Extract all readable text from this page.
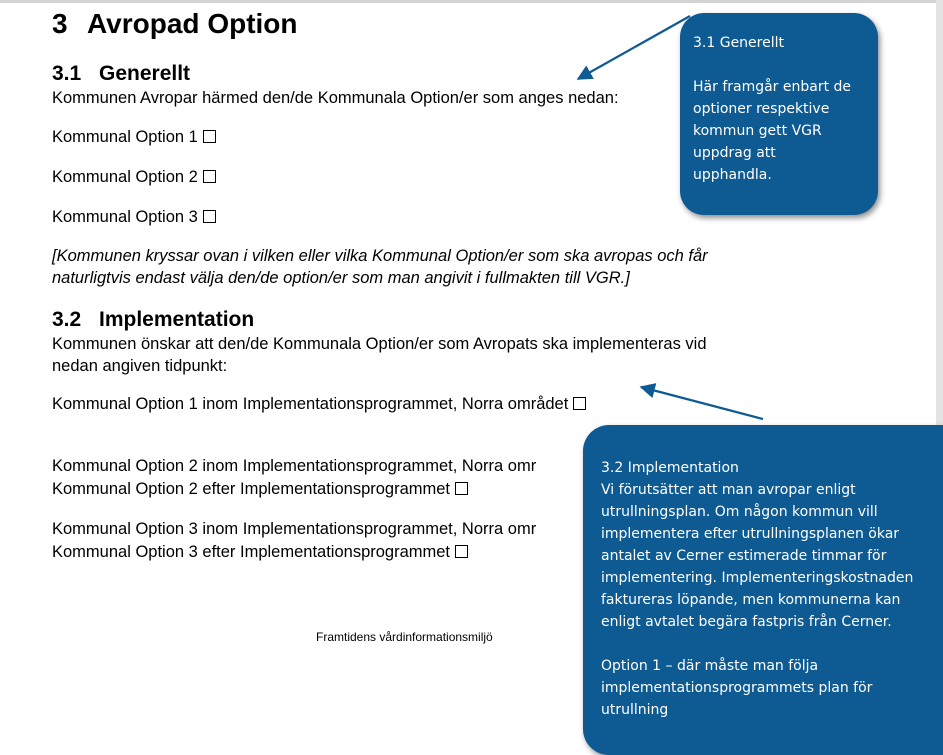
3 Avropad Option
3.1 Generellt
Kommunen Avropar härmed den/de Kommunala Option/er som anges nedan:
Kommunal Option 1
Kommunal Option 2
Kommunal Option 3
[Kommunen kryssar ovan i vilken eller vilka Kommunal Option/er som ska avropas och får
naturligtvis endast välja den/de option/er som man angivit i fullmakten till VGR.]
3.2 Implementation
Kommunen önskar att den/de Kommunala Option/er som Avropats ska implementeras vid
nedan angiven tidpunkt:
Kommunal Option 1 inom Implementationsprogrammet, Norra området
Kommunal Option 2 inom Implementationsprogrammet, Norra omr
Kommunal Option 2 efter Implementationsprogrammet
Kommunal Option 3 inom Implementationsprogrammet, Norra omr
Kommunal Option 3 efter Implementationsprogrammet
Framtidens vårdinformationsmiljö
3.1 Generellt
Här framgår enbart de
optioner respektive
kommun gett VGR
uppdrag att
upphandla.
3.2 Implementation
Vi förutsätter att man avropar enligt
utrullningsplan. Om någon kommun vill
implementera efter utrullningsplanen ökar
antalet av Cerner estimerade timmar för
implementering. Implementeringskostnaden
faktureras löpande, men kommunerna kan
enligt avtalet begära fastpris från Cerner.
Option 1 – där måste man följa
implementationsprogrammets plan för
utrullning
